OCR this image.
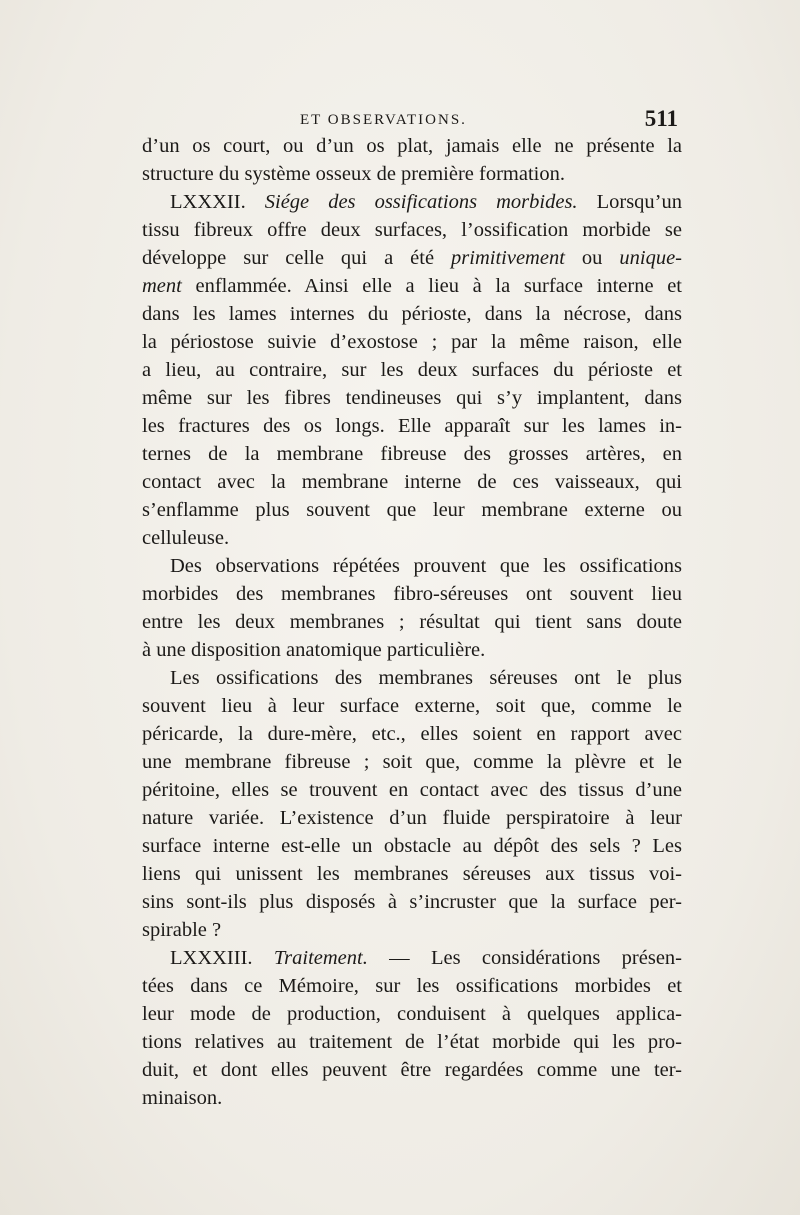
ET OBSERVATIONS.	511
d’un os court, ou d’un os plat, jamais elle ne présente la
structure du système osseux de première formation.
LXXXII. Siége des ossifications morbides. Lorsqu’un
tissu fibreux offre deux surfaces, l’ossification morbide se
développe sur celle qui a été primitivement ou unique-
ment enflammée. Ainsi elle a lieu à la surface interne et
dans les lames internes du périoste, dans la nécrose, dans
la périostose suivie d’exostose ; par la même raison, elle
a lieu, au contraire, sur les deux surfaces du périoste et
même sur les fibres tendineuses qui s’y implantent, dans
les fractures des os longs. Elle apparaît sur les lames in-
ternes de la membrane fibreuse des grosses artères, en
contact avec la membrane interne de ces vaisseaux, qui
s’enflamme plus souvent que leur membrane externe ou
celluleuse.
Des observations répétées prouvent que les ossifications
morbides des membranes fibro-séreuses ont souvent lieu
entre les deux membranes ; résultat qui tient sans doute
à une disposition anatomique particulière.
Les ossifications des membranes séreuses ont le plus
souvent lieu à leur surface externe, soit que, comme le
péricarde, la dure-mère, etc., elles soient en rapport avec
une membrane fibreuse ; soit que, comme la plèvre et le
péritoine, elles se trouvent en contact avec des tissus d’une
nature variée. L’existence d’un fluide perspiratoire à leur
surface interne est-elle un obstacle au dépôt des sels ? Les
liens qui unissent les membranes séreuses aux tissus voi-
sins sont-ils plus disposés à s’incruster que la surface per-
spirable ?
LXXXIII. Traitement. — Les considérations présen-
tées dans ce Mémoire, sur les ossifications morbides et
leur mode de production, conduisent à quelques applica-
tions relatives au traitement de l’état morbide qui les pro-
duit, et dont elles peuvent être regardées comme une ter-
minaison.
